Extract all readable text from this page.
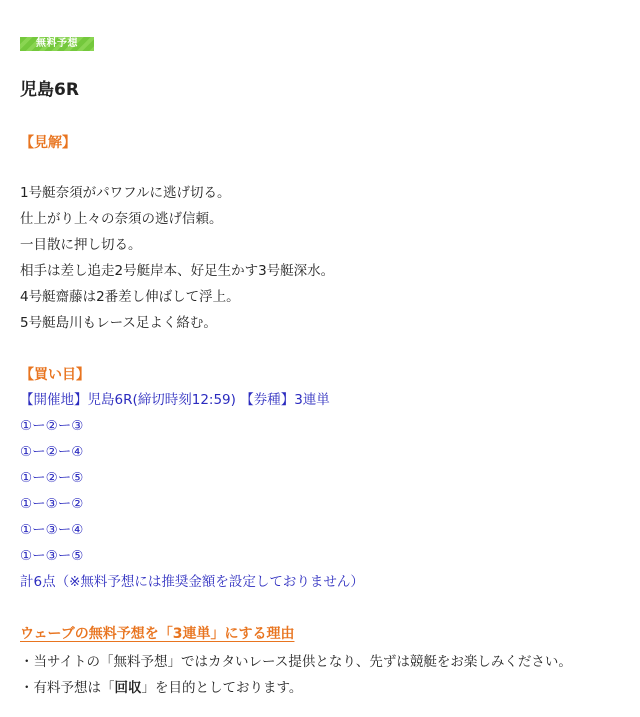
無料予想
児島6R
【見解】
1号艇奈須がパワフルに逃げ切る。
仕上がり上々の奈須の逃げ信頼。
一目散に押し切る。
相手は差し追走2号艇岸本、好足生かす3号艇深水。
4号艇齋藤は2番差し伸ばして浮上。
5号艇島川もレース足よく絡む。
【買い目】
【開催地】児島6R(締切時刻12:59) 【券種】3連単
①ー②ー③
①ー②ー④
①ー②ー⑤
①ー③ー②
①ー③ー④
①ー③ー⑤
計6点（※無料予想には推奨金額を設定しておりません）
ウェーブの無料予想を「3連単」にする理由
・当サイトの「無料予想」ではカタいレース提供となり、先ずは競艇をお楽しみください。
・有料予想は「回収」を目的としております。
